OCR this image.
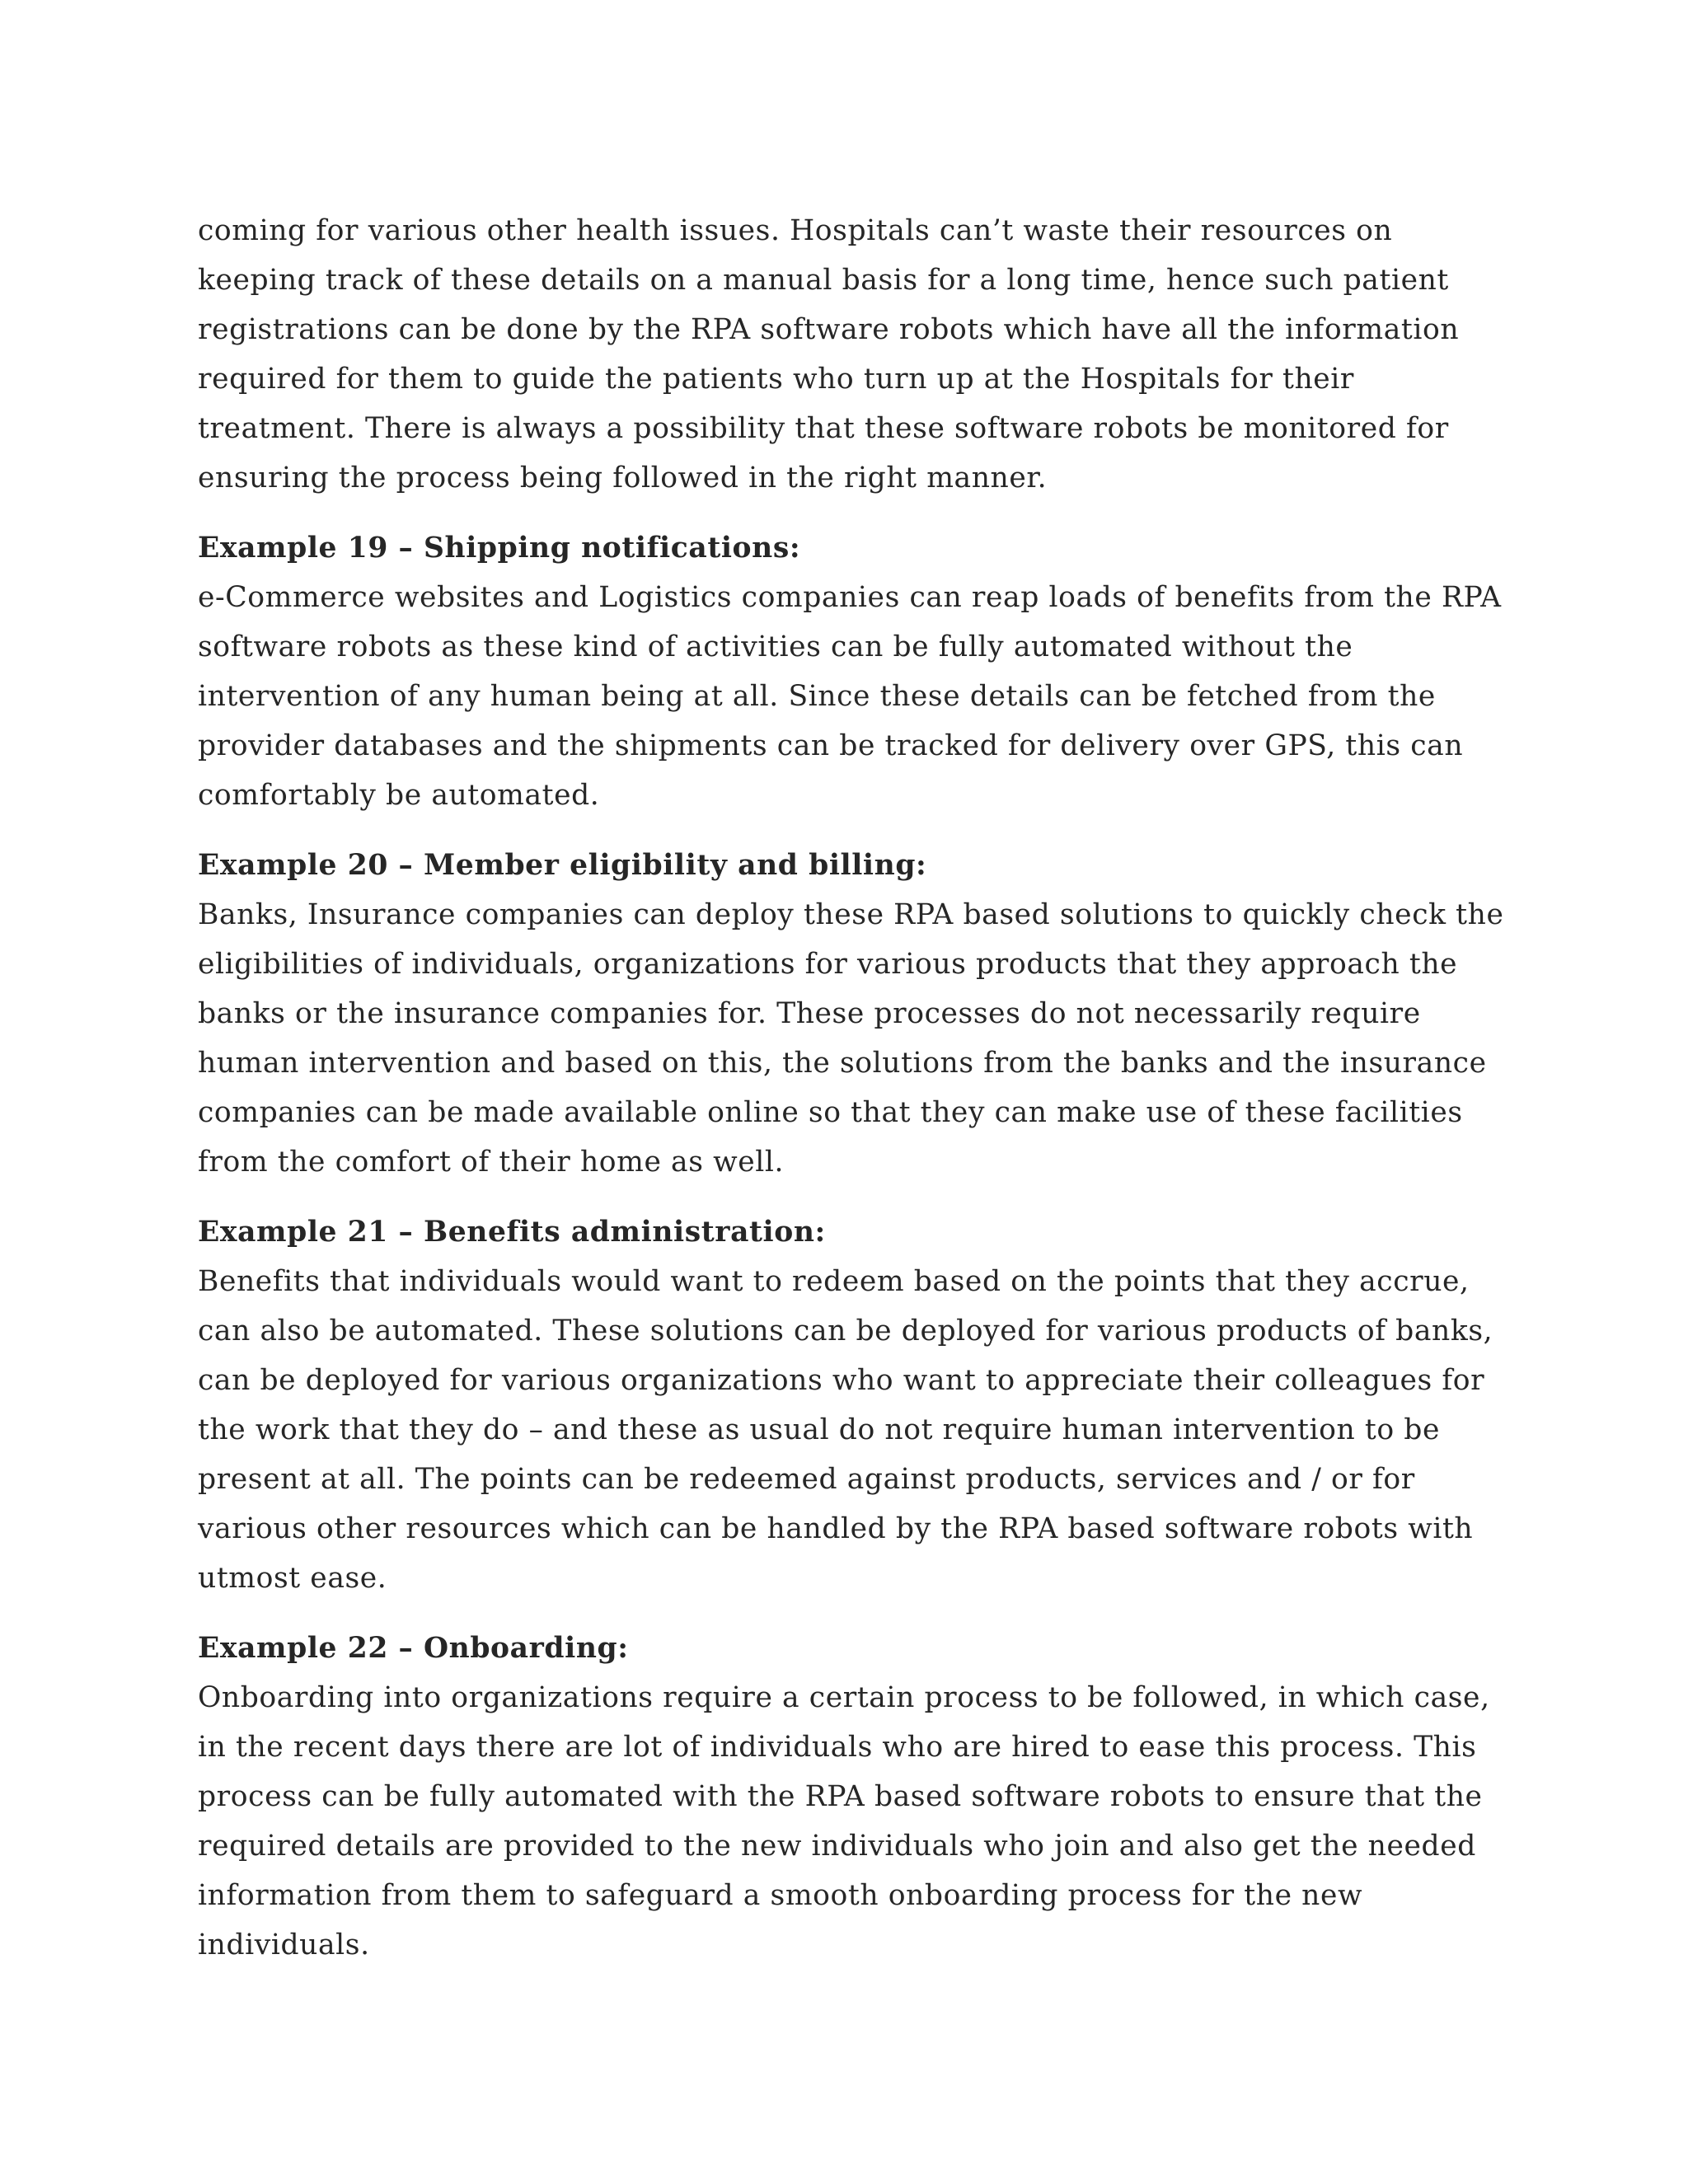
coming for various other health issues. Hospitals can’t waste their resources on
keeping track of these details on a manual basis for a long time, hence such patient
registrations can be done by the RPA software robots which have all the information
required for them to guide the patients who turn up at the Hospitals for their
treatment. There is always a possibility that these software robots be monitored for
ensuring the process being followed in the right manner.
Example 19 – Shipping notifications:
e-Commerce websites and Logistics companies can reap loads of benefits from the RPA
software robots as these kind of activities can be fully automated without the
intervention of any human being at all. Since these details can be fetched from the
provider databases and the shipments can be tracked for delivery over GPS, this can
comfortably be automated.
Example 20 – Member eligibility and billing:
Banks, Insurance companies can deploy these RPA based solutions to quickly check the
eligibilities of individuals, organizations for various products that they approach the
banks or the insurance companies for. These processes do not necessarily require
human intervention and based on this, the solutions from the banks and the insurance
companies can be made available online so that they can make use of these facilities
from the comfort of their home as well.
Example 21 – Benefits administration:
Benefits that individuals would want to redeem based on the points that they accrue,
can also be automated. These solutions can be deployed for various products of banks,
can be deployed for various organizations who want to appreciate their colleagues for
the work that they do – and these as usual do not require human intervention to be
present at all. The points can be redeemed against products, services and / or for
various other resources which can be handled by the RPA based software robots with
utmost ease.
Example 22 – Onboarding:
Onboarding into organizations require a certain process to be followed, in which case,
in the recent days there are lot of individuals who are hired to ease this process. This
process can be fully automated with the RPA based software robots to ensure that the
required details are provided to the new individuals who join and also get the needed
information from them to safeguard a smooth onboarding process for the new
individuals.
